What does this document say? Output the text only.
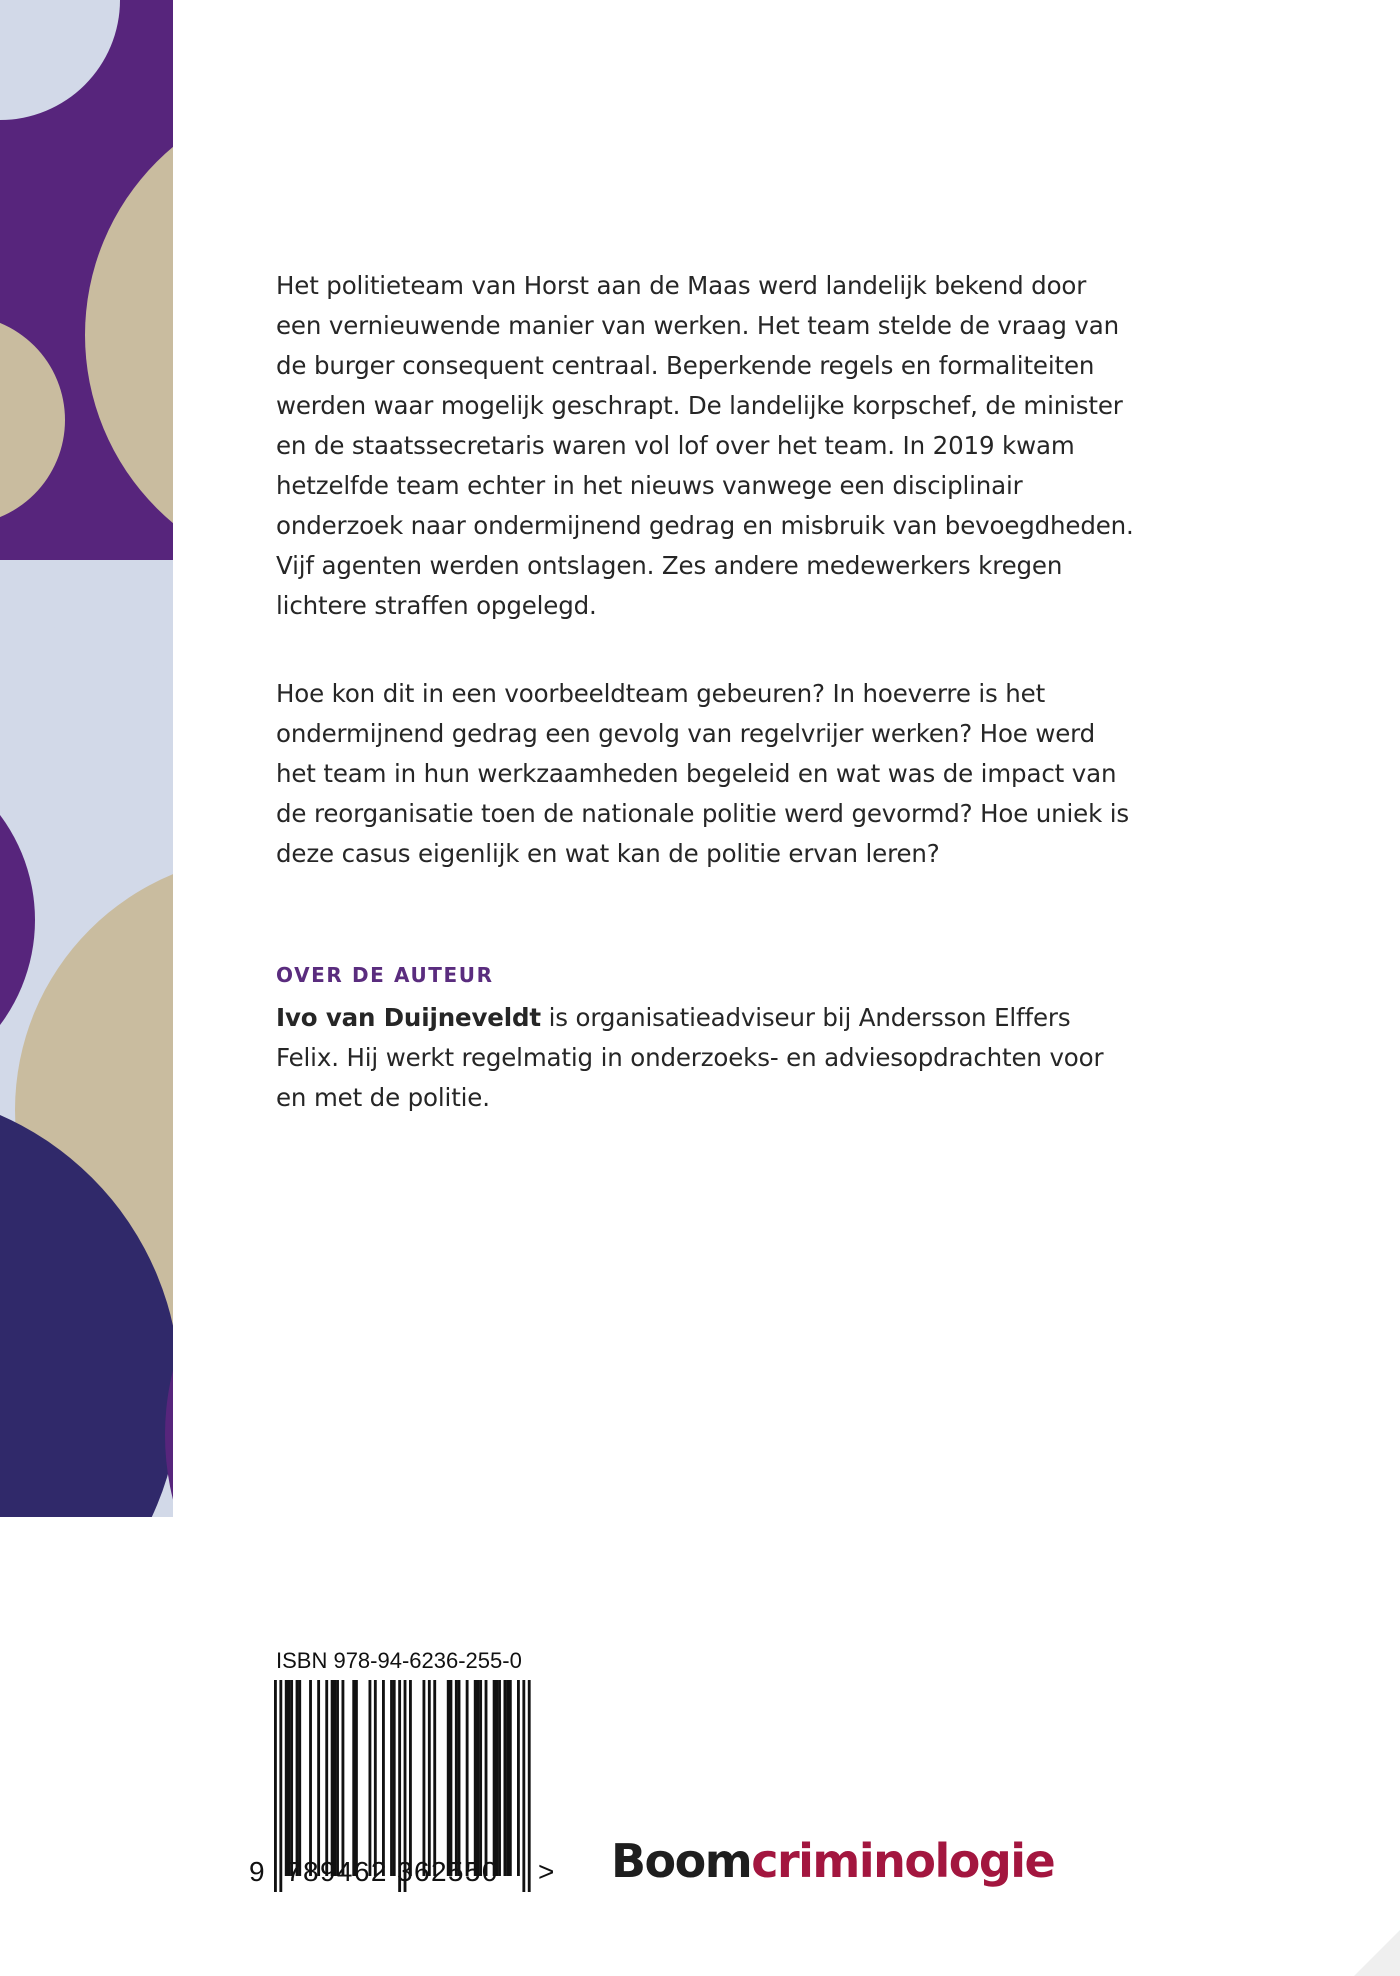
Het politieteam van Horst aan de Maas werd landelijk bekend door een vernieuwende manier van werken. Het team stelde de vraag van de burger consequent centraal. Beperkende regels en formaliteiten werden waar mogelijk geschrapt. De landelijke korpschef, de minister en de staatssecretaris waren vol lof over het team. In 2019 kwam hetzelfde team echter in het nieuws vanwege een disciplinair onderzoek naar ondermijnend gedrag en misbruik van bevoegdheden. Vijf agenten werden ontslagen. Zes andere medewerkers kregen lichtere straffen opgelegd.

Hoe kon dit in een voorbeeldteam gebeuren? In hoeverre is het ondermijnend gedrag een gevolg van regelvrijer werken? Hoe werd het team in hun werkzaamheden begeleid en wat was de impact van de reorganisatie toen de nationale politie werd gevormd? Hoe uniek is deze casus eigenlijk en wat kan de politie ervan leren?

OVER DE AUTEUR

Ivo van Duijneveldt is organisatieadviseur bij Andersson Elffers Felix. Hij werkt regelmatig in onderzoeks- en adviesopdrachten voor en met de politie.

ISBN 978-94-6236-255-0
9 789462 362550 > Boomcriminologie
